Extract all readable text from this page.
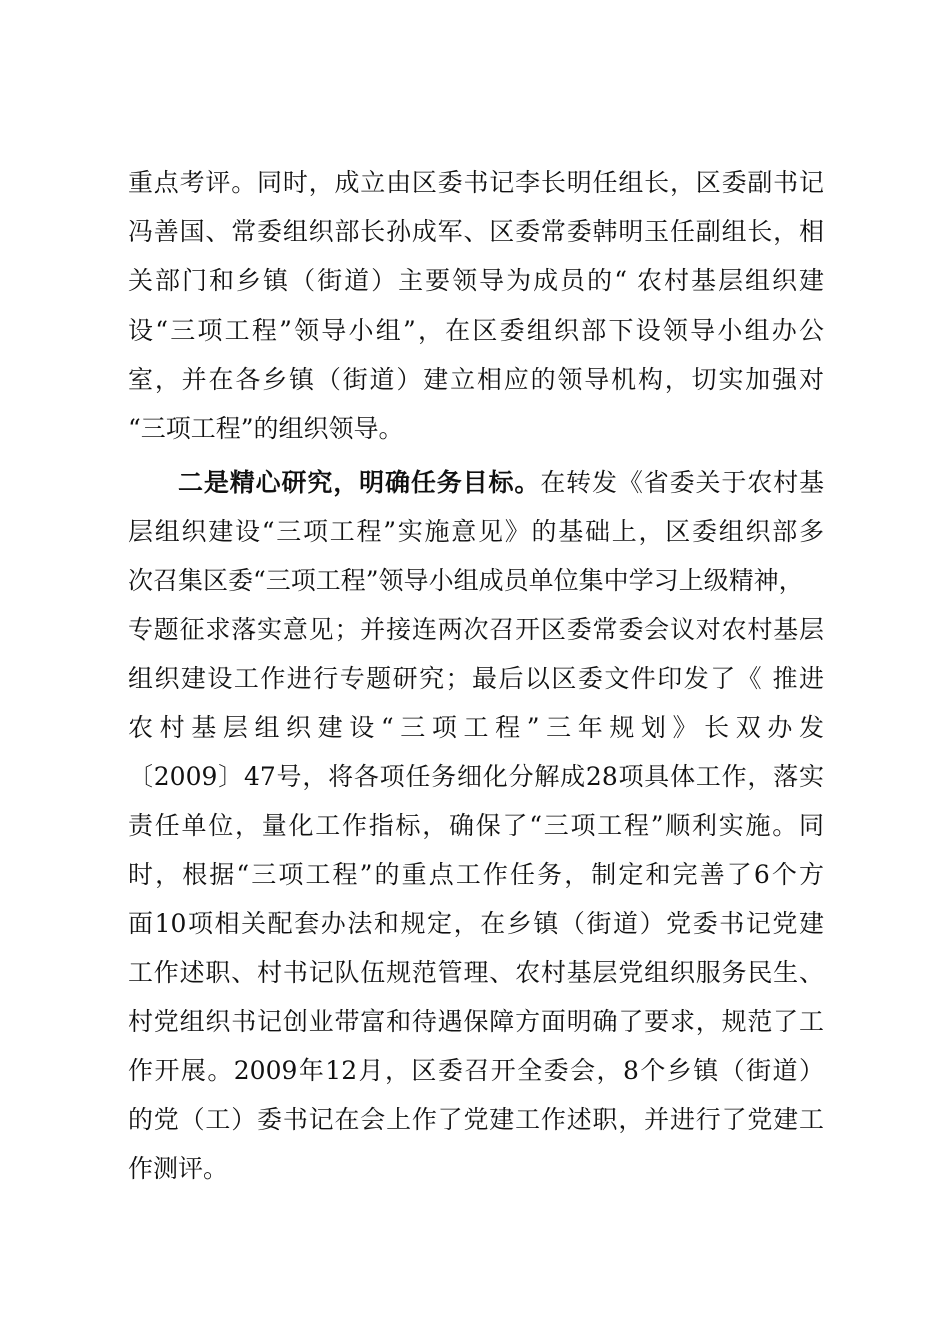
重点考评。同时，成立由区委书记李长明任组长，区委副书记
冯善国、常委组织部长孙成军、区委常委韩明玉任副组长，相
关部门和乡镇（街道）主要领导为成员的“ 农村基层组织建
设“三项工程”领导小组”，在区委组织部下设领导小组办公
室，并在各乡镇（街道）建立相应的领导机构，切实加强对
“三项工程”的组织领导。
二是精心研究，明确任务目标。在转发《省委关于农村基
层组织建设“三项工程”实施意见》的基础上，区委组织部多
次召集区委“三项工程”领导小组成员单位集中学习上级精神，
专题征求落实意见；并接连两次召开区委常委会议对农村基层
组织建设工作进行专题研究；最后以区委文件印发了《 推进
农村基层组织建设“三项工程”三年规划》长双办发
〔2009〕47号，将各项任务细化分解成28项具体工作，落实
责任单位，量化工作指标，确保了“三项工程”顺利实施。同
时，根据“三项工程”的重点工作任务，制定和完善了6个方
面10项相关配套办法和规定，在乡镇（街道）党委书记党建
工作述职、村书记队伍规范管理、农村基层党组织服务民生、
村党组织书记创业带富和待遇保障方面明确了要求，规范了工
作开展。2009年12月，区委召开全委会，8个乡镇（街道）
的党（工）委书记在会上作了党建工作述职，并进行了党建工
作测评。
